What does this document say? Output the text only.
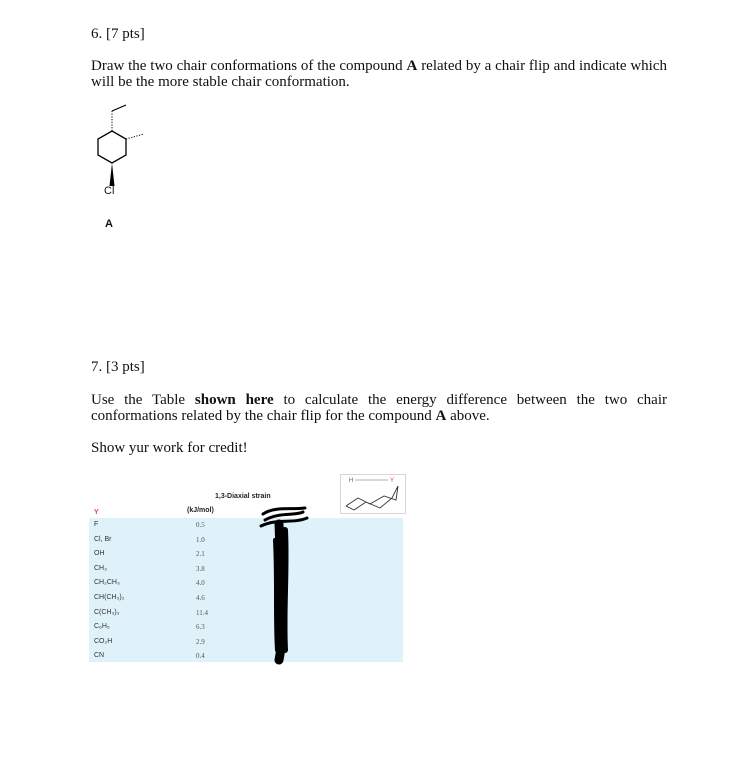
6. [7 pts]
Draw the two chair conformations of the compound A related by a chair flip and indicate which will be the more stable chair conformation.
Cl
A
7. [3 pts]
Use the Table shown here to calculate the energy difference between the two chair conformations related by the chair flip for the compound A above.
Show yur work for credit!
1,3-Diaxial strain
Y	(kJ/mol)
F	0.5
Cl, Br	1.0
OH	2.1
CH₃	3.8
CH₂CH₃	4.0
CH(CH₃)₂	4.6
C(CH₃)₃	11.4
C₆H₅	6.3
CO₂H	2.9
CN	0.4
H	Y
